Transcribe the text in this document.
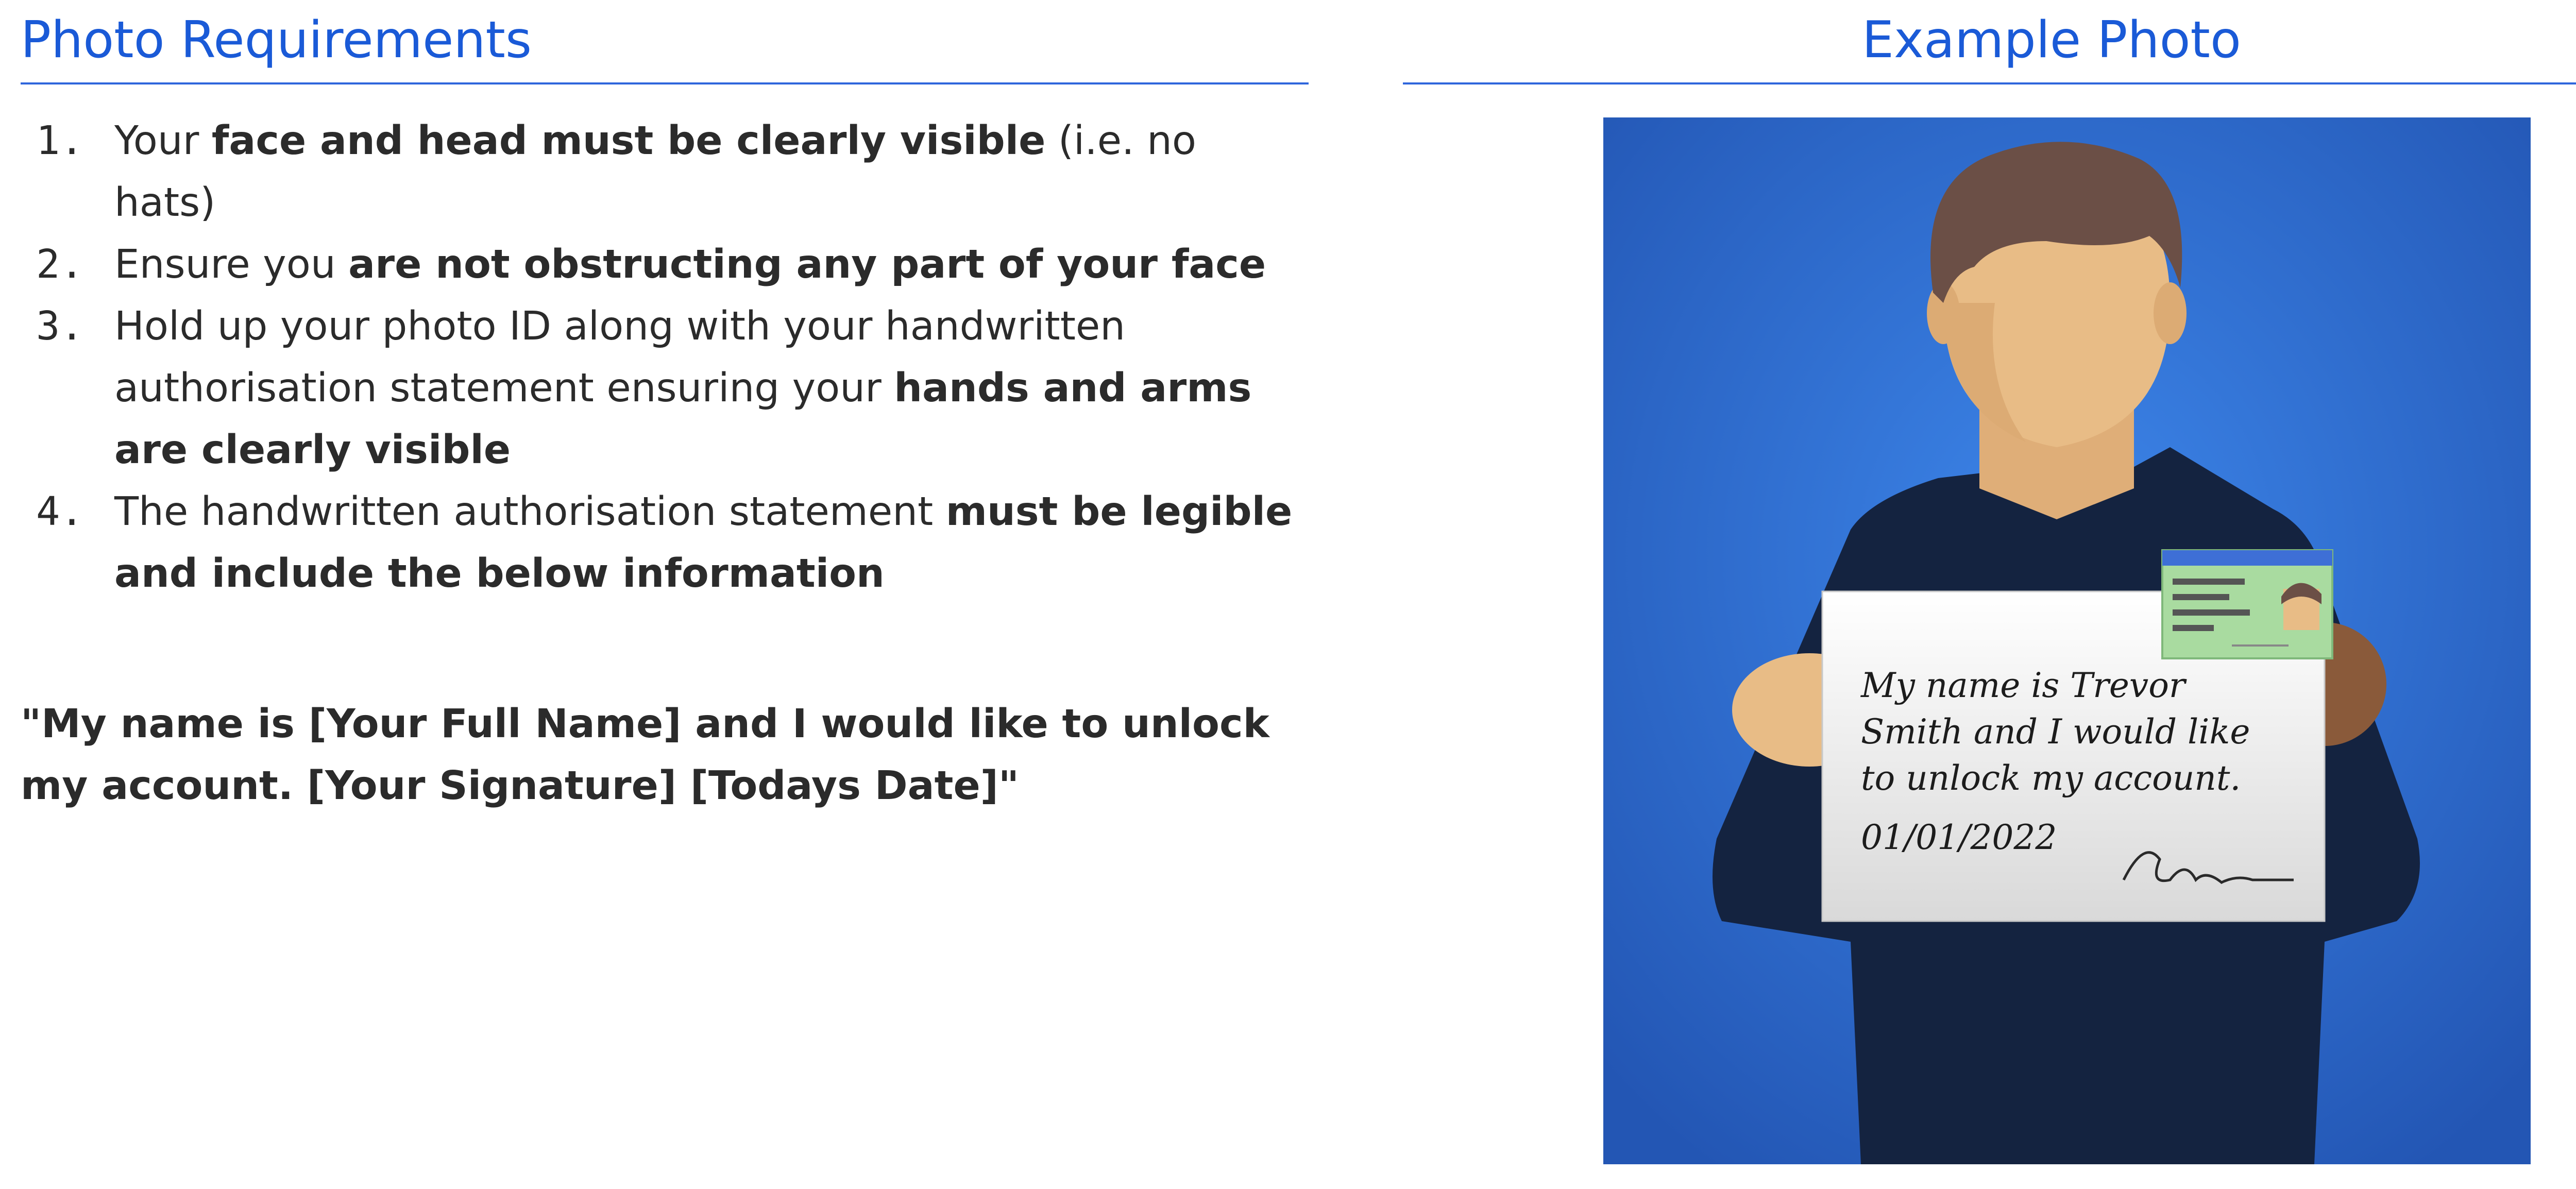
Photo Requirements
1. Your face and head must be clearly visible (i.e. no hats)
2. Ensure you are not obstructing any part of your face
3. Hold up your photo ID along with your handwritten authorisation statement ensuring your hands and arms are clearly visible
4. The handwritten authorisation statement must be legible and include the below information
"My name is [Your Full Name] and I would like to unlock my account. [Your Signature] [Todays Date]"
Example Photo
My name is Trevor
Smith and I would like
to unlock my account.
01/01/2022
